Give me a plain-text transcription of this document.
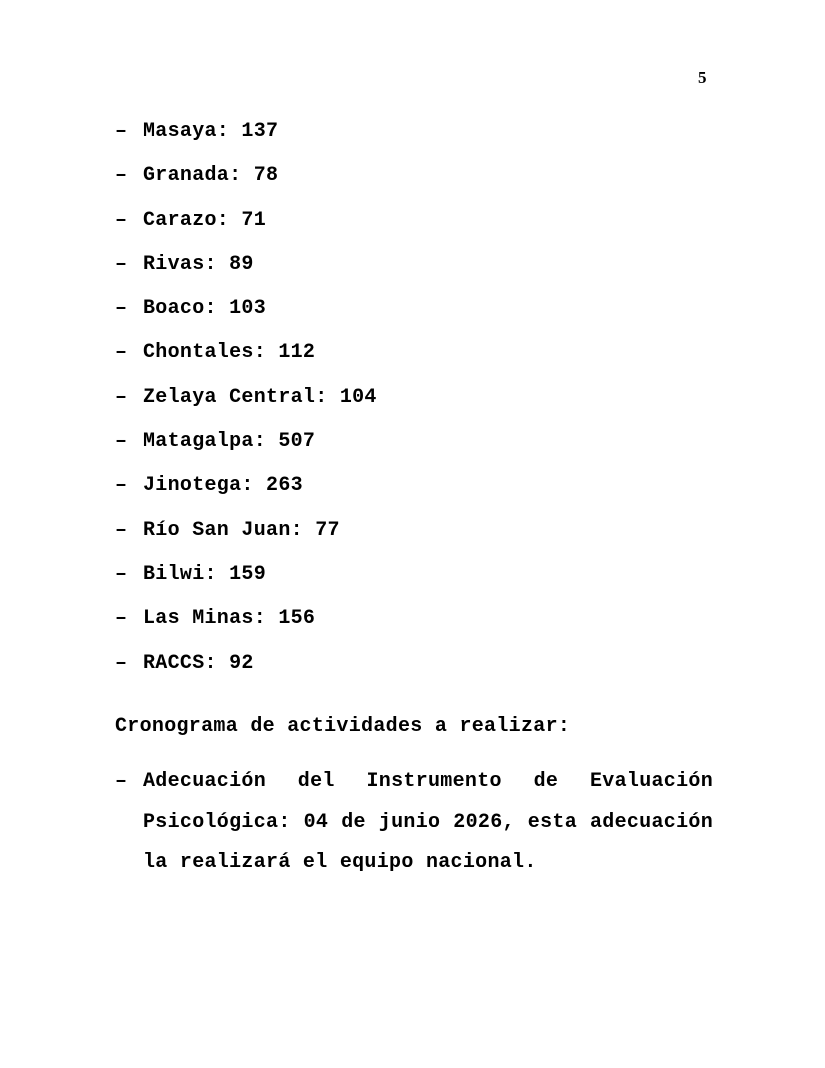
5
– Masaya: 137
– Granada: 78
– Carazo: 71
– Rivas: 89
– Boaco: 103
– Chontales: 112
– Zelaya Central: 104
– Matagalpa: 507
– Jinotega: 263
– Río San Juan: 77
– Bilwi: 159
– Las Minas: 156
– RACCS: 92
Cronograma de actividades a realizar:
– Adecuación del Instrumento de Evaluación Psicológica: 04 de junio 2026, esta adecuación la realizará el equipo nacional.
